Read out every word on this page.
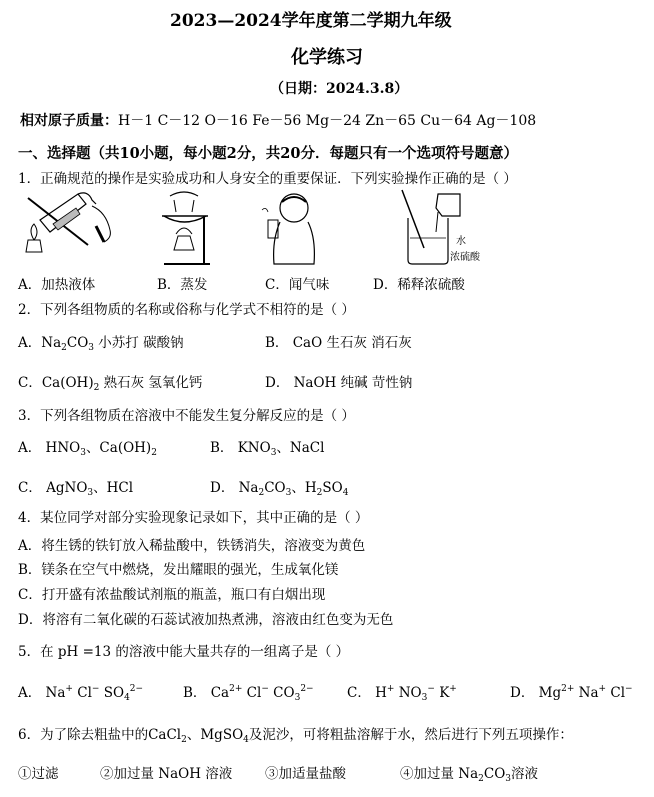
2023—2024学年度第二学期九年级
化学练习
（日期：2024.3.8）
相对原子质量：H－1 C－12 O－16 Fe－56 Mg－24 Zn－65 Cu－64 Ag－108
一、选择题（共10小题，每小题2分，共20分．每题只有一个选项符号题意）
1．正确规范的操作是实验成功和人身安全的重要保证．下列实验操作正确的是（ ）
水
浓硫酸
A．加热液体	B．蒸发	C．闻气味	D．稀释浓硫酸
2．下列各组物质的名称或俗称与化学式不相符的是（ ）
A．$Na_2CO_3$ 小苏打 碳酸钠	B． CaO 生石灰 消石灰
C．$Ca(OH)_2$ 熟石灰 氢氧化钙	D． NaOH 纯碱 苛性钠
3．下列各组物质在溶液中不能发生复分解反应的是（ ）
A． $HNO_3$、$Ca(OH)_2$	B． $KNO_3$、NaCl
C． AgNO$_3$、HCl	D． $Na_2CO_3$、$H_2SO_4$
4．某位同学对部分实验现象记录如下，其中正确的是（ ）
A．将生锈的铁钉放入稀盐酸中，铁锈消失，溶液变为黄色
B．镁条在空气中燃烧，发出耀眼的强光，生成氧化镁
C．打开盛有浓盐酸试剂瓶的瓶盖，瓶口有白烟出现
D．将溶有二氧化碳的石蕊试液加热煮沸，溶液由红色变为无色
5．在 pH =13 的溶液中能大量共存的一组离子是（ ）
A． Na+ Cl− $SO_4^{2-}$	B． $Ca^{2+}$ Cl− $CO_3^{2-}$ C． H+ $NO_3^-$ K+	D． $Mg^{2+}$ Na+ Cl−
6．为了除去粗盐中的CaCl$_2$、MgSO$_4$及泥沙，可将粗盐溶解于水，然后进行下列五项操作：
①过滤	②加过量 NaOH 溶液 ③加适量盐酸	④加过量 $Na_2CO_3$溶液
